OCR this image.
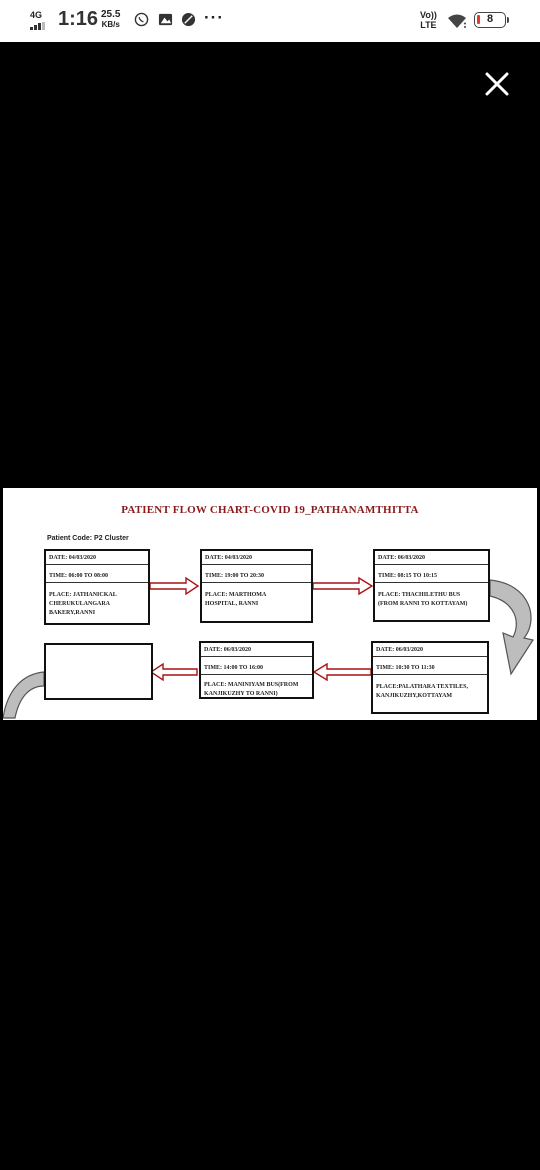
4G 1:16 25.5
KB/s	···	Vo))
LTE	8
PATIENT FLOW CHART-COVID 19_PATHANAMTHITTA
Patient Code: P2 Cluster
DATE: 04/03/2020
TIME: 06:00 TO 08:00
PLACE: JATHANICKAL
CHERUKULANGARA
BAKERY,RANNI
DATE: 04/03/2020
TIME: 19:00 TO 20:30
PLACE: MARTHOMA
HOSPITAL, RANNI
DATE: 06/03/2020
TIME: 08:15 TO 10:15
PLACE: THACHILETHU BUS
(FROM RANNI TO KOTTAYAM)
DATE: 06/03/2020
TIME: 10:30 TO 11:30
PLACE:PALATHARA TEXTILES,
KANJIKUZHY,KOTTAYAM
DATE: 06/03/2020
TIME: 14:00 TO 16:00
PLACE: MANINIYAM BUS(FROM
KANJIKUZHY TO RANNI)
